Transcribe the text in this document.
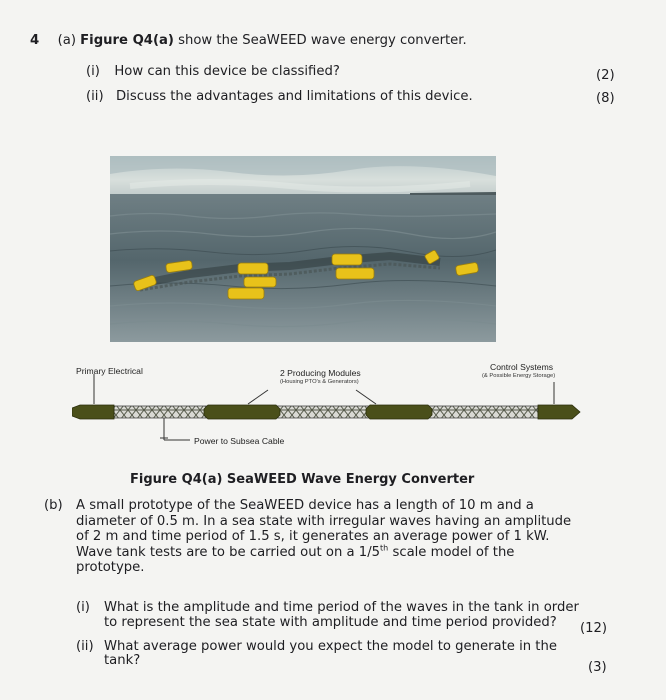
4 (a) Figure Q4(a) show the SeaWEED wave energy converter.
(i) How can this device be classified?	(2)
(ii) Discuss the advantages and limitations of this device.	(8)
Primary Electrical	2 Producing Modules
(Housing PTO's & Generators)
Control Systems
(& Possible Energy Storage)
Power to Subsea Cable
Figure Q4(a) SeaWEED Wave Energy Converter
(b) A small prototype of the SeaWEED device has a length of 10 m and a
diameter of 0.5 m. In a sea state with irregular waves having an amplitude
of 2 m and time period of 1.5 s, it generates an average power of 1 kW.
Wave tank tests are to be carried out on a 1/5th scale model of the
prototype.
(i) What is the amplitude and time period of the waves in the tank in order
to represent the sea state with amplitude and time period provided? (12)
(ii) What average power would you expect the model to generate in the
tank?	(3)
